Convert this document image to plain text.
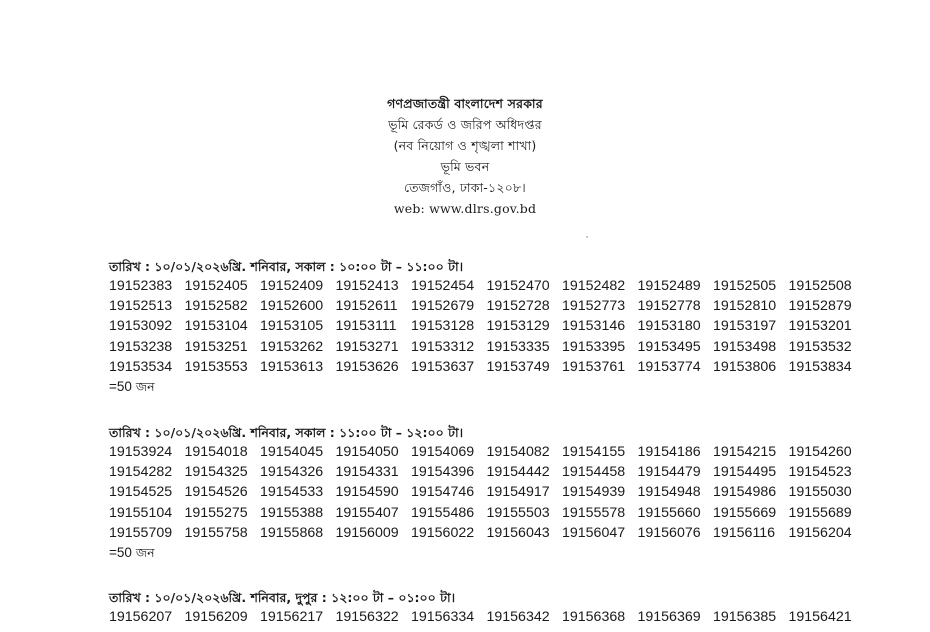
গণপ্রজাতন্ত্রী বাংলাদেশ সরকার
ভূমি রেকর্ড ও জরিপ অধিদপ্তর
(নব নিয়োগ ও শৃঙ্খলা শাখা)
ভূমি ভবন
তেজগাঁও, ঢাকা-১২০৮।
web: www.dlrs.gov.bd
তারিখ : ১০/০১/২০২৬খ্রি. শনিবার, সকাল : ১০:০০ টা – ১১:০০ টা।
19152383 19152405 19152409 19152413 19152454 19152470 19152482 19152489 19152505 19152508
19152513 19152582 19152600 19152611 19152679 19152728 19152773 19152778 19152810 19152879
19153092 19153104 19153105 19153111	19153128 19153129 19153146 19153180 19153197 19153201
19153238 19153251 19153262 19153271 19153312 19153335 19153395 19153495 19153498 19153532
19153534 19153553 19153613 19153626 19153637 19153749 19153761 19153774 19153806 19153834
=50 জন
তারিখ : ১০/০১/২০২৬খ্রি. শনিবার, সকাল : ১১:০০ টা – ১২:০০ টা।
19153924 19154018 19154045 19154050 19154069 19154082 19154155 19154186 19154215 19154260
19154282 19154325 19154326 19154331 19154396 19154442 19154458 19154479 19154495 19154523
19154525 19154526 19154533 19154590 19154746 19154917 19154939 19154948 19154986 19155030
19155104 19155275 19155388 19155407 19155486 19155503 19155578 19155660 19155669 19155689
19155709 19155758 19155868 19156009 19156022 19156043 19156047 19156076 19156116 19156204
=50 জন
তারিখ : ১০/০১/২০২৬খ্রি. শনিবার, দুপুর : ১২:০০ টা – ০১:০০ টা।
19156207 19156209 19156217 19156322 19156334 19156342 19156368 19156369 19156385 19156421
